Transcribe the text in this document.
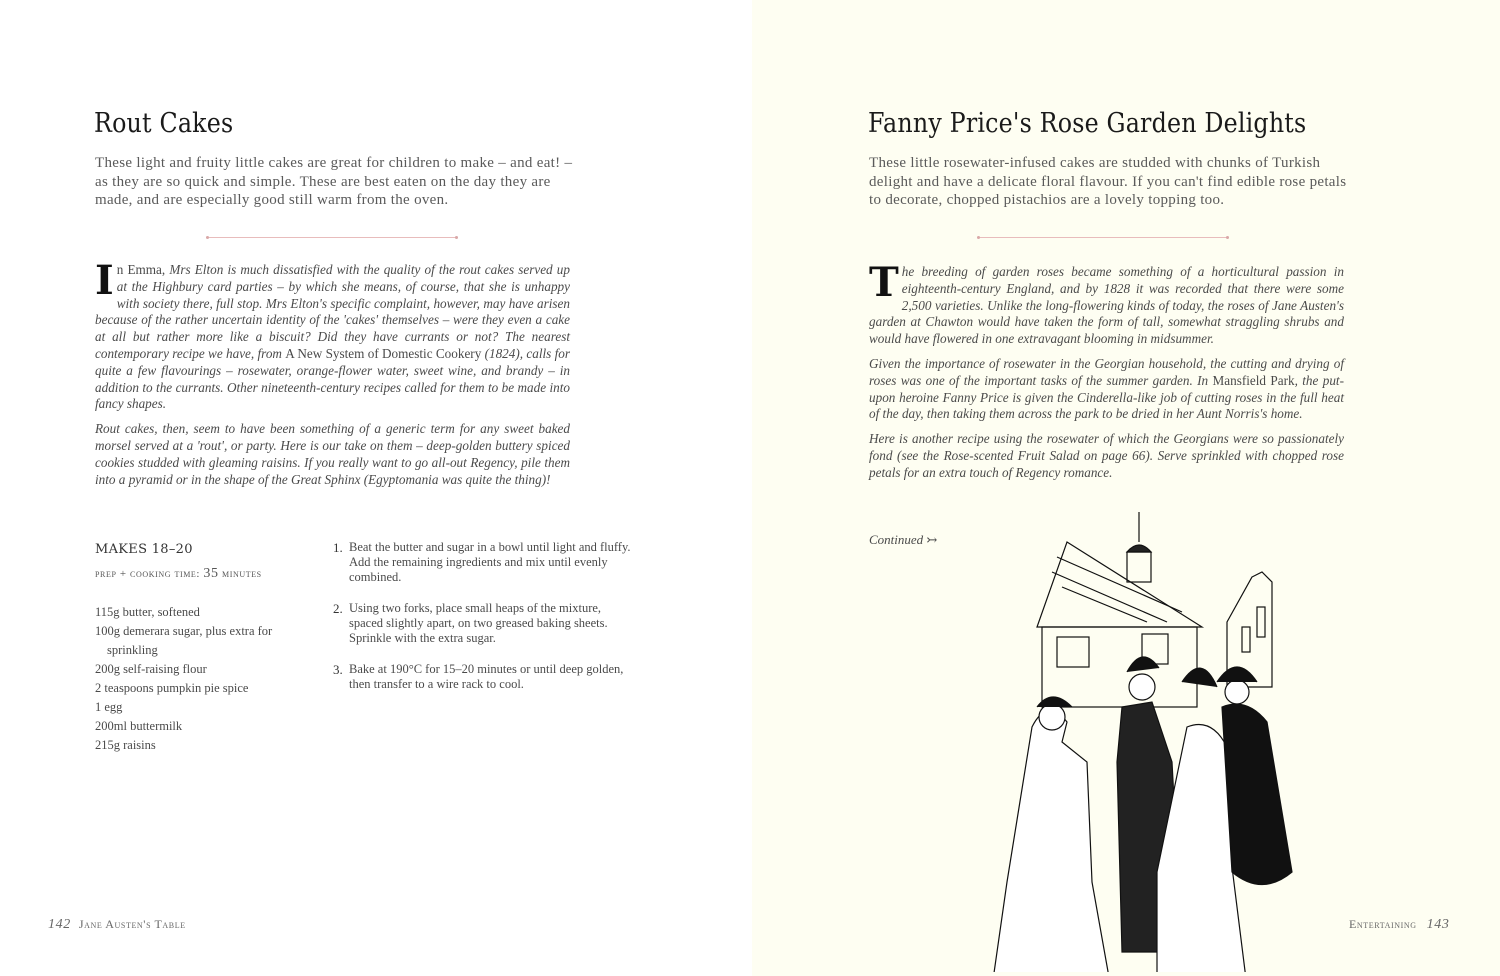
Rout Cakes

These light and fruity little cakes are great for children to make – and eat! – as they are so quick and simple. These are best eaten on the day they are made, and are especially good still warm from the oven.

In Emma, Mrs Elton is much dissatisfied with the quality of the rout cakes served up at the Highbury card parties – by which she means, of course, that she is unhappy with society there, full stop. Mrs Elton's specific complaint, however, may have arisen because of the rather uncertain identity of the 'cakes' themselves – were they even a cake at all but rather more like a biscuit? Did they have currants or not? The nearest contemporary recipe we have, from A New System of Domestic Cookery (1824), calls for quite a few flavourings – rosewater, orange-flower water, sweet wine, and brandy – in addition to the currants. Other nineteenth-century recipes called for them to be made into fancy shapes.

Rout cakes, then, seem to have been something of a generic term for any sweet baked morsel served at a 'rout', or party. Here is our take on them – deep-golden buttery spiced cookies studded with gleaming raisins. If you really want to go all-out Regency, pile them into a pyramid or in the shape of the Great Sphinx (Egyptomania was quite the thing)!

MAKES 18–20
prep + cooking time: 35 minutes
115g butter, softened
100g demerara sugar, plus extra for sprinkling
200g self-raising flour
2 teaspoons pumpkin pie spice
1 egg
200ml buttermilk
215g raisins
1. Beat the butter and sugar in a bowl until light and fluffy. Add the remaining ingredients and mix until evenly combined.
2. Using two forks, place small heaps of the mixture, spaced slightly apart, on two greased baking sheets. Sprinkle with the extra sugar.
3. Bake at 190°C for 15–20 minutes or until deep golden, then transfer to a wire rack to cool.
142 Jane Austen's Table
Fanny Price's Rose Garden Delights

These little rosewater-infused cakes are studded with chunks of Turkish delight and have a delicate floral flavour. If you can't find edible rose petals to decorate, chopped pistachios are a lovely topping too.

The breeding of garden roses became something of a horticultural passion in eighteenth-century England, and by 1828 it was recorded that there were some 2,500 varieties. Unlike the long-flowering kinds of today, the roses of Jane Austen's garden at Chawton would have taken the form of tall, somewhat straggling shrubs and would have flowered in one extravagant blooming in midsummer.

Given the importance of rosewater in the Georgian household, the cutting and drying of roses was one of the important tasks of the summer garden. In Mansfield Park, the put-upon heroine Fanny Price is given the Cinderella-like job of cutting roses in the full heat of the day, then taking them across the park to be dried in her Aunt Norris's home.

Here is another recipe using the rosewater of which the Georgians were so passionately fond (see the Rose-scented Fruit Salad on page 66). Serve sprinkled with chopped rose petals for an extra touch of Regency romance.

Continued ↣
Entertaining 143
